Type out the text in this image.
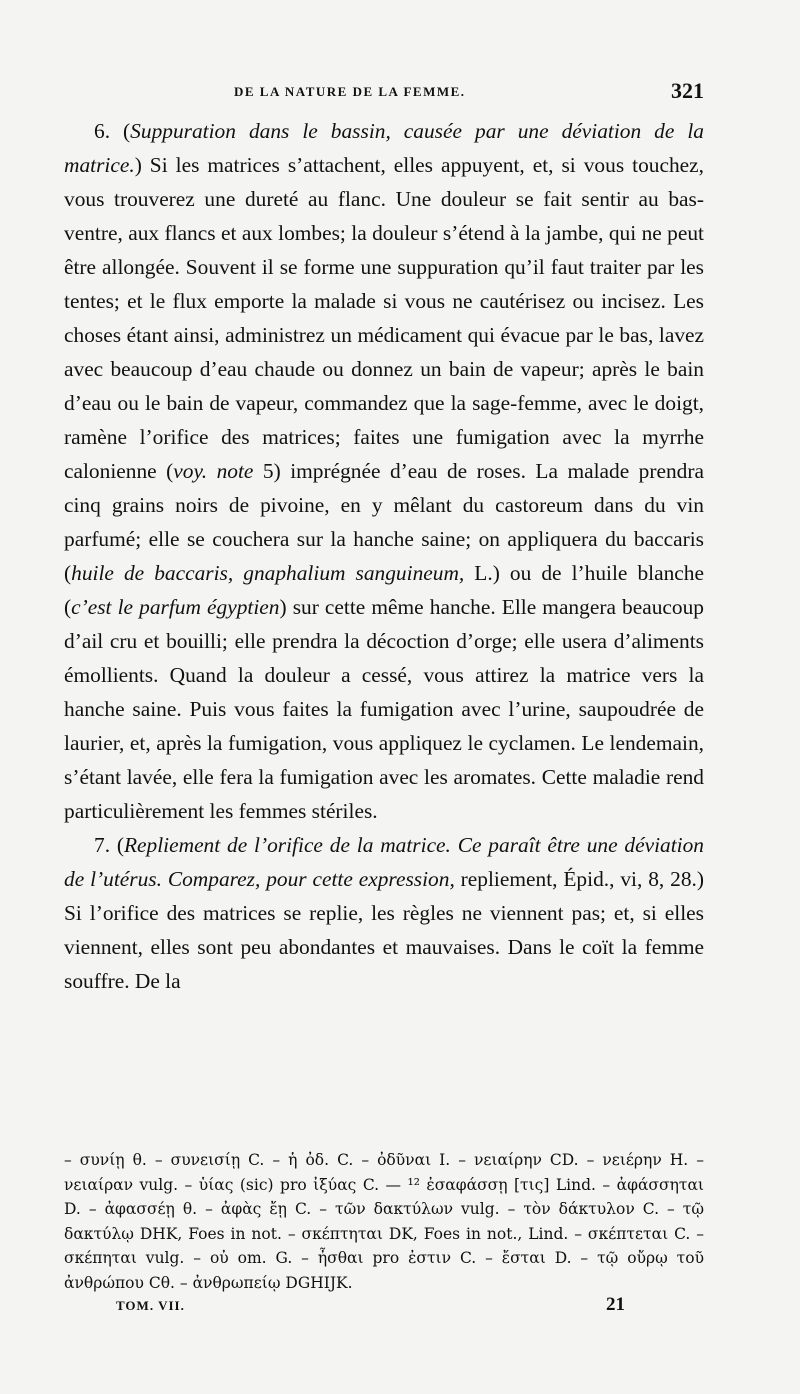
DE LA NATURE DE LA FEMME.	321

6. (Suppuration dans le bassin, causée par une déviation de la matrice.) Si les matrices s’attachent, elles appuyent, et, si vous touchez, vous trouverez une dureté au flanc. Une douleur se fait sentir au bas-ventre, aux flancs et aux lombes; la douleur s’étend à la jambe, qui ne peut être allongée. Souvent il se forme une suppuration qu’il faut traiter par les tentes; et le flux emporte la malade si vous ne cautérisez ou incisez. Les choses étant ainsi, administrez un médicament qui évacue par le bas, lavez avec beaucoup d’eau chaude ou donnez un bain de vapeur; après le bain d’eau ou le bain de vapeur, commandez que la sage-femme, avec le doigt, ramène l’orifice des matrices; faites une fumigation avec la myrrhe calonienne (voy. note 5) imprégnée d’eau de roses. La malade prendra cinq grains noirs de pivoine, en y mêlant du castoreum dans du vin parfumé; elle se couchera sur la hanche saine; on appliquera du baccaris (huile de baccaris, gnaphalium sanguineum, L.) ou de l’huile blanche (c’est le parfum égyptien) sur cette même hanche. Elle mangera beaucoup d’ail cru et bouilli; elle prendra la décoction d’orge; elle usera d’aliments émollients. Quand la douleur a cessé, vous attirez la matrice vers la hanche saine. Puis vous faites la fumigation avec l’urine, saupoudrée de laurier, et, après la fumigation, vous appliquez le cyclamen. Le lendemain, s’étant lavée, elle fera la fumigation avec les aromates. Cette maladie rend particulièrement les femmes stériles.

7. (Repliement de l’orifice de la matrice. Ce paraît être une déviation de l’utérus. Comparez, pour cette expression, repliement, Épid., vi, 8, 28.) Si l’orifice des matrices se replie, les règles ne viennent pas; et, si elles viennent, elles sont peu abondantes et mauvaises. Dans le coït la femme souffre. De la

– συνίῃ θ. – συνεισίῃ C. – ἡ ὀδ. C. – ὀδῦναι I. – νειαίρην CD. – νειέρην H. – νειαίραν vulg. – ὑίας (sic) pro ἰξύας C. — ¹² ἐσαφάσσῃ [τις] Lind. – ἀφάσσηται D. – ἀφασσέῃ θ. – ἀφὰς ἔῃ C. – τῶν δακτύλων vulg. – τὸν δάκτυλον C. – τῷ δακτύλῳ DHK, Foes in not. – σκέπτηται DK, Foes in not., Lind. – σκέπτεται C. – σκέπηται vulg. – οὐ om. G. – ἦσθαι pro ἐστιν C. – ἔσται D. – τῷ οὔρῳ τοῦ ἀνθρώπου Cθ. – ἀνθρωπείῳ DGHIJK.
TOM. VII.	21
